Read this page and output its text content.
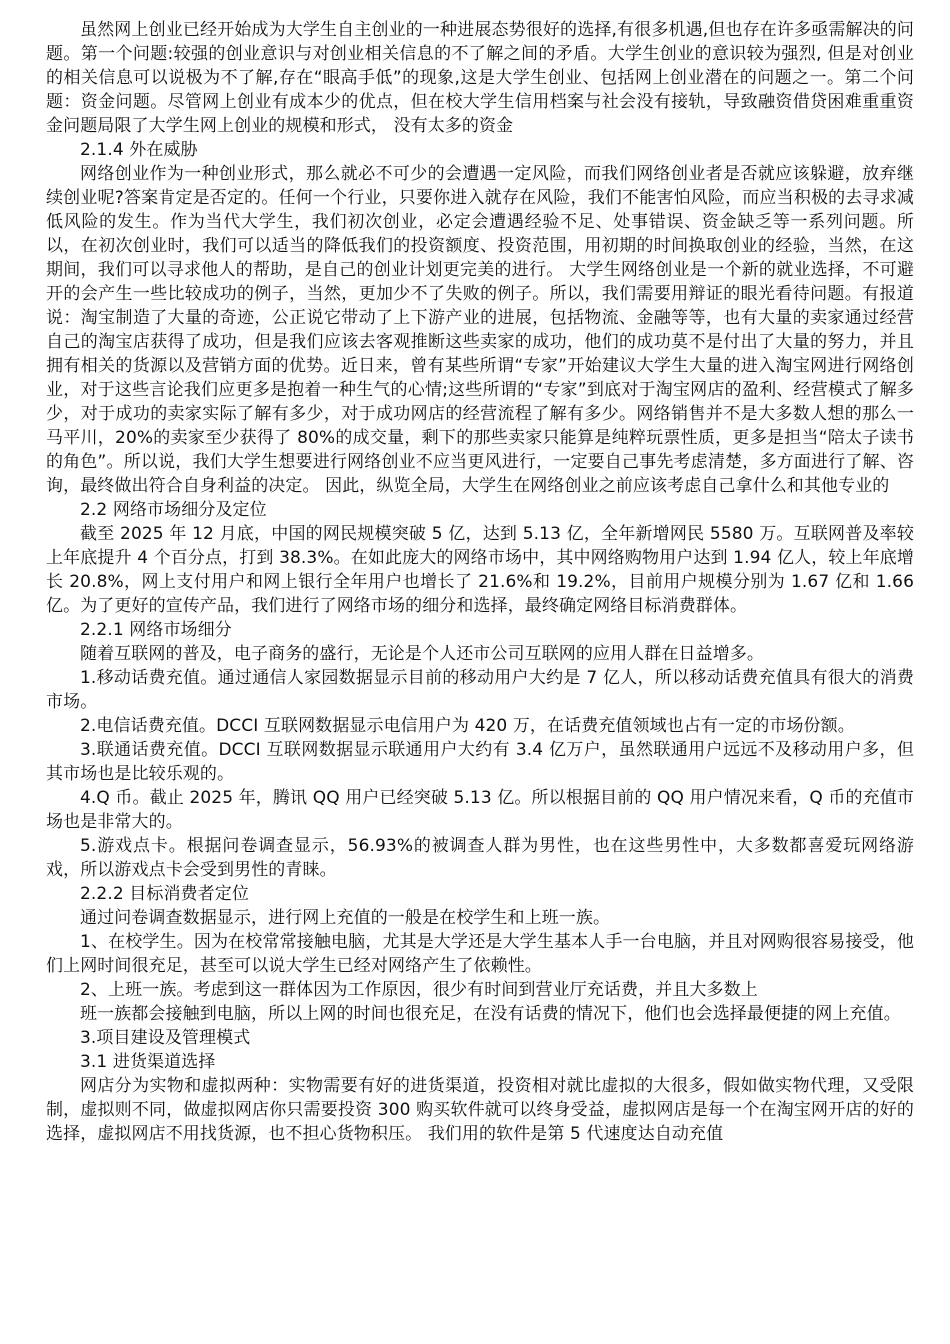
虽然网上创业已经开始成为大学生自主创业的一种进展态势很好的选择,有很多机遇,但也存在许多亟需解决的问题。第一个问题:较强的创业意识与对创业相关信息的不了解之间的矛盾。大学生创业的意识较为强烈, 但是对创业的相关信息可以说极为不了解,存在“眼高手低”的现象,这是大学生创业、包括网上创业潜在的问题之一。第二个问题：资金问题。尽管网上创业有成本少的优点，但在校大学生信用档案与社会没有接轨，导致融资借贷困难重重资金问题局限了大学生网上创业的规模和形式， 没有太多的资金

2.1.4 外在威胁

网络创业作为一种创业形式，那么就必不可少的会遭遇一定风险，而我们网络创业者是否就应该躲避，放弃继续创业呢?答案肯定是否定的。任何一个行业，只要你进入就存在风险，我们不能害怕风险，而应当积极的去寻求减低风险的发生。作为当代大学生，我们初次创业，必定会遭遇经验不足、处事错误、资金缺乏等一系列问题。所以，在初次创业时，我们可以适当的降低我们的投资额度、投资范围，用初期的时间换取创业的经验，当然，在这期间，我们可以寻求他人的帮助，是自己的创业计划更完美的进行。 大学生网络创业是一个新的就业选择，不可避开的会产生一些比较成功的例子，当然，更加少不了失败的例子。所以，我们需要用辩证的眼光看待问题。有报道说：淘宝制造了大量的奇迹，公正说它带动了上下游产业的进展，包括物流、金融等等，也有大量的卖家通过经营自己的淘宝店获得了成功，但是我们应该去客观推断这些卖家的成功，他们的成功莫不是付出了大量的努力，并且拥有相关的货源以及营销方面的优势。近日来，曾有某些所谓“专家”开始建议大学生大量的进入淘宝网进行网络创业，对于这些言论我们应更多是抱着一种生气的心情;这些所谓的“专家”到底对于淘宝网店的盈利、经营模式了解多少，对于成功的卖家实际了解有多少，对于成功网店的经营流程了解有多少。网络销售并不是大多数人想的那么一马平川，20%的卖家至少获得了 80%的成交量，剩下的那些卖家只能算是纯粹玩票性质，更多是担当“陪太子读书的角色”。所以说，我们大学生想要进行网络创业不应当更风进行，一定要自己事先考虑清楚，多方面进行了解、咨询，最终做出符合自身利益的决定。 因此，纵览全局，大学生在网络创业之前应该考虑自己拿什么和其他专业的

2.2 网络市场细分及定位

截至 2025 年 12 月底，中国的网民规模突破 5 亿，达到 5.13 亿，全年新增网民 5580 万。互联网普及率较上年底提升 4 个百分点，打到 38.3%。在如此庞大的网络市场中，其中网络购物用户达到 1.94 亿人，较上年底增长 20.8%，网上支付用户和网上银行全年用户也增长了 21.6%和 19.2%，目前用户规模分别为 1.67 亿和 1.66 亿。为了更好的宣传产品，我们进行了网络市场的细分和选择，最终确定网络目标消费群体。

2.2.1 网络市场细分

随着互联网的普及，电子商务的盛行，无论是个人还市公司互联网的应用人群在日益增多。

1.移动话费充值。通过通信人家园数据显示目前的移动用户大约是 7 亿人，所以移动话费充值具有很大的消费市场。

2.电信话费充值。DCCI 互联网数据显示电信用户为 420 万，在话费充值领域也占有一定的市场份额。

3.联通话费充值。DCCI 互联网数据显示联通用户大约有 3.4 亿万户，虽然联通用户远远不及移动用户多，但其市场也是比较乐观的。

4.Q 币。截止 2025 年，腾讯 QQ 用户已经突破 5.13 亿。所以根据目前的 QQ 用户情况来看，Q 币的充值市场也是非常大的。

5.游戏点卡。根据问卷调查显示，56.93%的被调查人群为男性，也在这些男性中，大多数都喜爱玩网络游戏，所以游戏点卡会受到男性的青睐。

2.2.2 目标消费者定位

通过问卷调查数据显示，进行网上充值的一般是在校学生和上班一族。

1、在校学生。因为在校常常接触电脑，尤其是大学还是大学生基本人手一台电脑，并且对网购很容易接受，他们上网时间很充足，甚至可以说大学生已经对网络产生了依赖性。

2、上班一族。考虑到这一群体因为工作原因，很少有时间到营业厅充话费，并且大多数上

班一族都会接触到电脑，所以上网的时间也很充足，在没有话费的情况下，他们也会选择最便捷的网上充值。

3.项目建设及管理模式

3.1 进货渠道选择

网店分为实物和虚拟两种：实物需要有好的进货渠道，投资相对就比虚拟的大很多，假如做实物代理，又受限制，虚拟则不同，做虚拟网店你只需要投资 300 购买软件就可以终身受益，虚拟网店是每一个在淘宝网开店的好的选择，虚拟网店不用找货源，也不担心货物积压。 我们用的软件是第 5 代速度达自动充值
